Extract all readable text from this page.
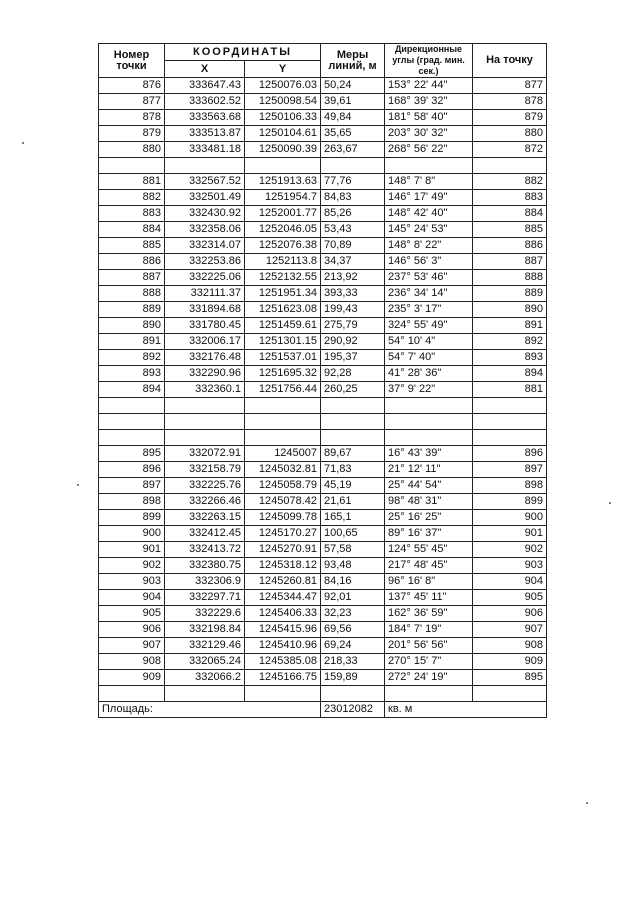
Номер точки	КООРДИНАТЫ		Меры линий, м	Дирекционные углы (град. мин. сек.)	На точку
	X	Y			
876	333647.43	1250076.03	50,24	153° 22' 44"	877
877	333602.52	1250098.54	39,61	168° 39' 32"	878
878	333563.68	1250106.33	49,84	181° 58' 40"	879
879	333513.87	1250104.61	35,65	203° 30' 32"	880
880	333481.18	1250090.39	263,67	268° 56' 22"	872

881	332567.52	1251913.63	77,76	148° 7' 8"	882
882	332501.49	1251954.7	84,83	146° 17' 49"	883
883	332430.92	1252001.77	85,26	148° 42' 40"	884
884	332358.06	1252046.05	53,43	145° 24' 53"	885
885	332314.07	1252076.38	70,89	148° 8' 22"	886
886	332253.86	1252113.8	34,37	146° 56' 3"	887
887	332225.06	1252132.55	213,92	237° 53' 46"	888
888	332111.37	1251951.34	393,33	236° 34' 14"	889
889	331894.68	1251623.08	199,43	235° 3' 17"	890
890	331780.45	1251459.61	275,79	324° 55' 49"	891
891	332006.17	1251301.15	290,92	54° 10' 4"	892
892	332176.48	1251537.01	195,37	54° 7' 40"	893
893	332290.96	1251695.32	92,28	41° 28' 36"	894
894	332360.1	1251756.44	260,25	37° 9' 22"	881

895	332072.91	1245007	89,67	16° 43' 39"	896
896	332158.79	1245032.81	71,83	21° 12' 11"	897
897	332225.76	1245058.79	45,19	25° 44' 54"	898
898	332266.46	1245078.42	21,61	98° 48' 31"	899
899	332263.15	1245099.78	165,1	25° 16' 25"	900
900	332412.45	1245170.27	100,65	89° 16' 37"	901
901	332413.72	1245270.91	57,58	124° 55' 45"	902
902	332380.75	1245318.12	93,48	217° 48' 45"	903
903	332306.9	1245260.81	84,16	96° 16' 8"	904
904	332297.71	1245344.47	92,01	137° 45' 11"	905
905	332229.6	1245406.33	32,23	162° 36' 59"	906
906	332198.84	1245415.96	69,56	184° 7' 19"	907
907	332129.46	1245410.96	69,24	201° 56' 56"	908
908	332065.24	1245385.08	218,33	270° 15' 7"	909
909	332066.2	1245166.75	159,89	272° 24' 19"	895

Площадь:			23012082	кв. м	
